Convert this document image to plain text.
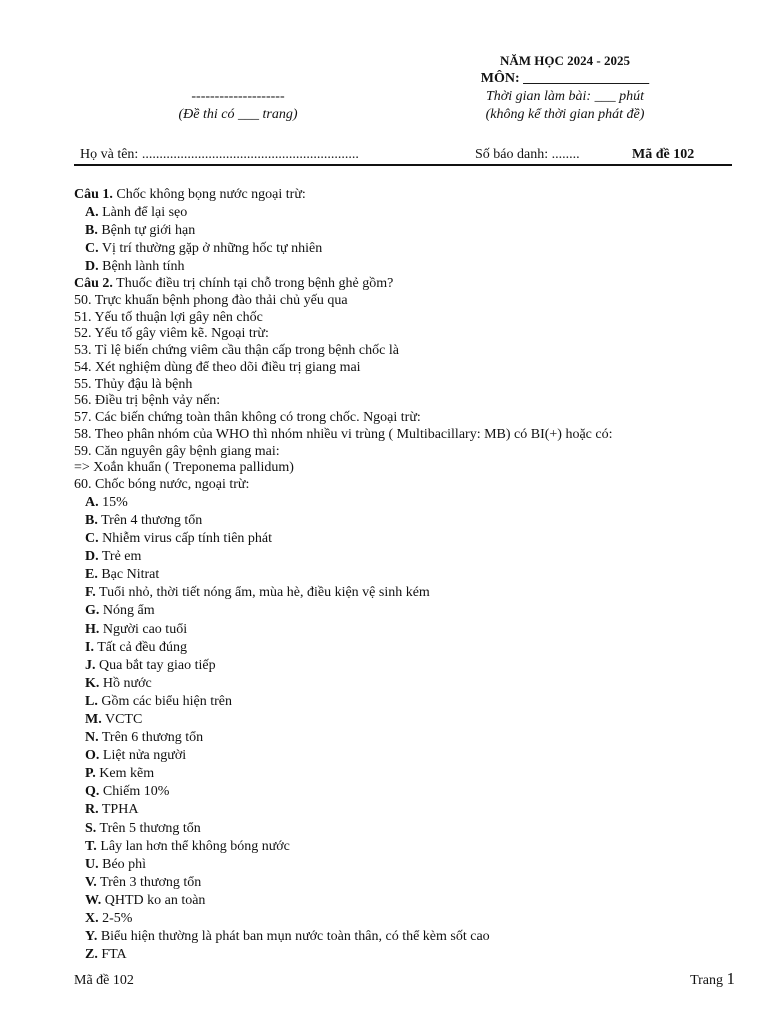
NĂM HỌC 2024 - 2025
MÔN: __________________
Thời gian làm bài: ___ phút
(không kể thời gian phát đề)
--------------------
(Đề thi có ___ trang)
Họ và tên: ..............................................................	Số báo danh: ........	Mã đề 102
Câu 1. Chốc không bọng nước ngoại trừ:
A. Lành để lại sẹo
B. Bệnh tự giới hạn
C. Vị trí thường gặp ở những hốc tự nhiên
D. Bệnh lành tính
Câu 2. Thuốc điều trị chính tại chỗ trong bệnh ghẻ gồm?
50. Trực khuẩn bệnh phong đào thải chủ yếu qua
51. Yếu tố thuận lợi gây nên chốc
52. Yếu tố gây viêm kẽ. Ngoại trừ:
53. Tỉ lệ biến chứng viêm cầu thận cấp trong bệnh chốc là
54. Xét nghiệm dùng để theo dõi điều trị giang mai
55. Thủy đậu là bệnh
56. Điều trị bệnh vảy nến:
57. Các biến chứng toàn thân không có trong chốc. Ngoại trừ:
58. Theo phân nhóm của WHO thì nhóm nhiều vi trùng ( Multibacillary: MB) có BI(+) hoặc có:
59. Căn nguyên gây bệnh giang mai:
=> Xoắn khuẩn ( Treponema pallidum)
60. Chốc bóng nước, ngoại trừ:
A. 15%
B. Trên 4 thương tổn
C. Nhiễm virus cấp tính tiên phát
D. Trẻ em
E. Bạc Nitrat
F. Tuổi nhỏ, thời tiết nóng ẩm, mùa hè, điều kiện vệ sinh kém
G. Nóng ẩm
H. Người cao tuổi
I. Tất cả đều đúng
J. Qua bắt tay giao tiếp
K. Hồ nước
L. Gồm các biểu hiện trên
M. VCTC
N. Trên 6 thương tổn
O. Liệt nửa người
P. Kem kẽm
Q. Chiếm 10%
R. TPHA
S. Trên 5 thương tổn
T. Lây lan hơn thể không bóng nước
U. Béo phì
V. Trên 3 thương tổn
W. QHTD ko an toàn
X. 2-5%
Y. Biểu hiện thường là phát ban mụn nước toàn thân, có thể kèm sốt cao
Z. FTA
Mã đề 102	Trang 1
